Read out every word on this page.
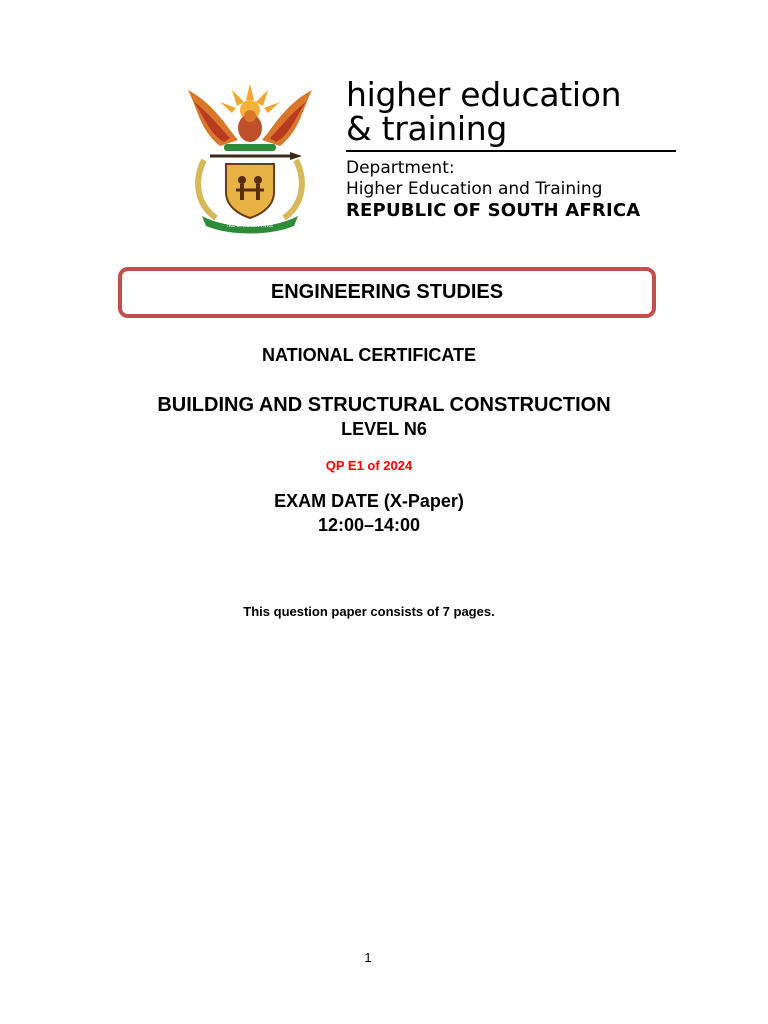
!KE E: /XARRA //KE
higher education
& training
Department:
Higher Education and Training
REPUBLIC OF SOUTH AFRICA
ENGINEERING STUDIES
NATIONAL CERTIFICATE
BUILDING AND STRUCTURAL CONSTRUCTION
LEVEL N6
QP E1 of 2024
EXAM DATE (X-Paper)
12:00–14:00
This question paper consists of 7 pages.
1
